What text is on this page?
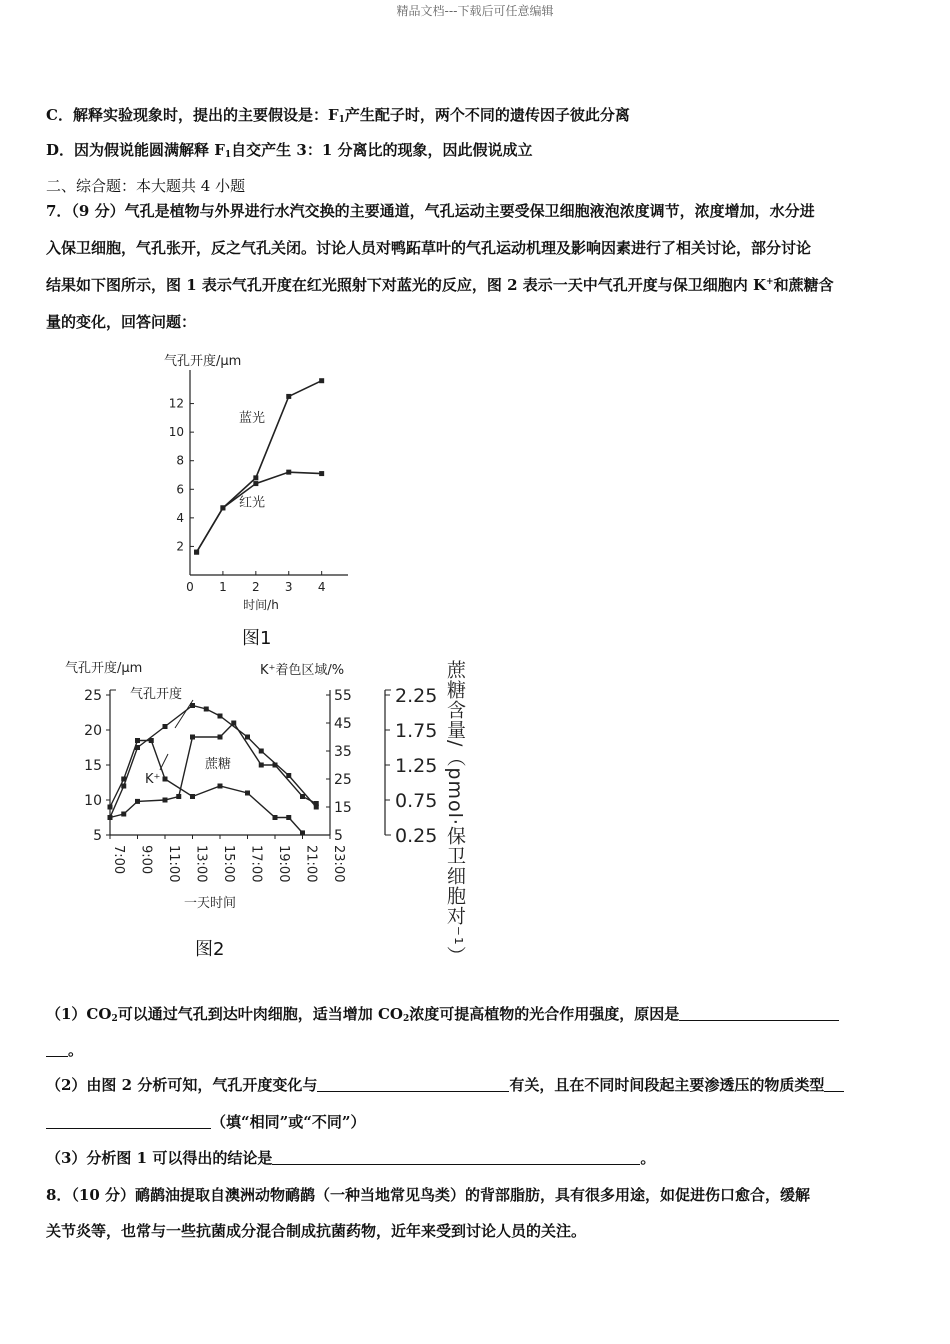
精品文档---下载后可任意编辑
C．解释实验现象时，提出的主要假设是：$F_1$产生配子时，两个不同的遗传因子彼此分离
D．因为假说能圆满解释 $F_1$自交产生 3：1 分离比的现象，因此假说成立
二、综合题：本大题共 4 小题
7．（9 分）气孔是植物与外界进行水汽交换的主要通道，气孔运动主要受保卫细胞液泡浓度调节，浓度增加，水分进
入保卫细胞，气孔张开，反之气孔关闭。讨论人员对鸭跖草叶的气孔运动机理及影响因素进行了相关讨论，部分讨论
结果如下图所示，图 1 表示气孔开度在红光照射下对蓝光的反应，图 2 表示一天中气孔开度与保卫细胞内 K+和蔗糖含
量的变化，回答问题：
气孔开度/μm
2
4
6
8
10
12
0 1 2 3 4
时间/h
蓝光
红光
图1
气孔开度/μm	K⁺着色区域/%
5
10
15
20
25
7:00 9:00 11:00 13:00 15:00 17:00 19:00 21:00 23:00
一天时间
5
15
25
35
45
55
0.25
0.75
1.25
1.75
2.25 蔗糖含量/（pmol·保卫细胞对⁻¹）
气孔开度
K⁺
蔗糖
图2
$(1)CO_2$可以通过气孔到达叶肉细胞，适当增加 $CO_2$浓度可提高植物的光合作用强度，原因是
。
（2）由图 2 分析可知，气孔开度变化与	有关，且在不同时间段起主要渗透压的物质类型
（填“相同”或“不同”）
（3）分析图 1 可以得出的结论是	。
8．（10 分）鸸鹋油提取自澳洲动物鸸鹋（一种当地常见鸟类）的背部脂肪，具有很多用途，如促进伤口愈合，缓解
关节炎等，也常与一些抗菌成分混合制成抗菌药物，近年来受到讨论人员的关注。
